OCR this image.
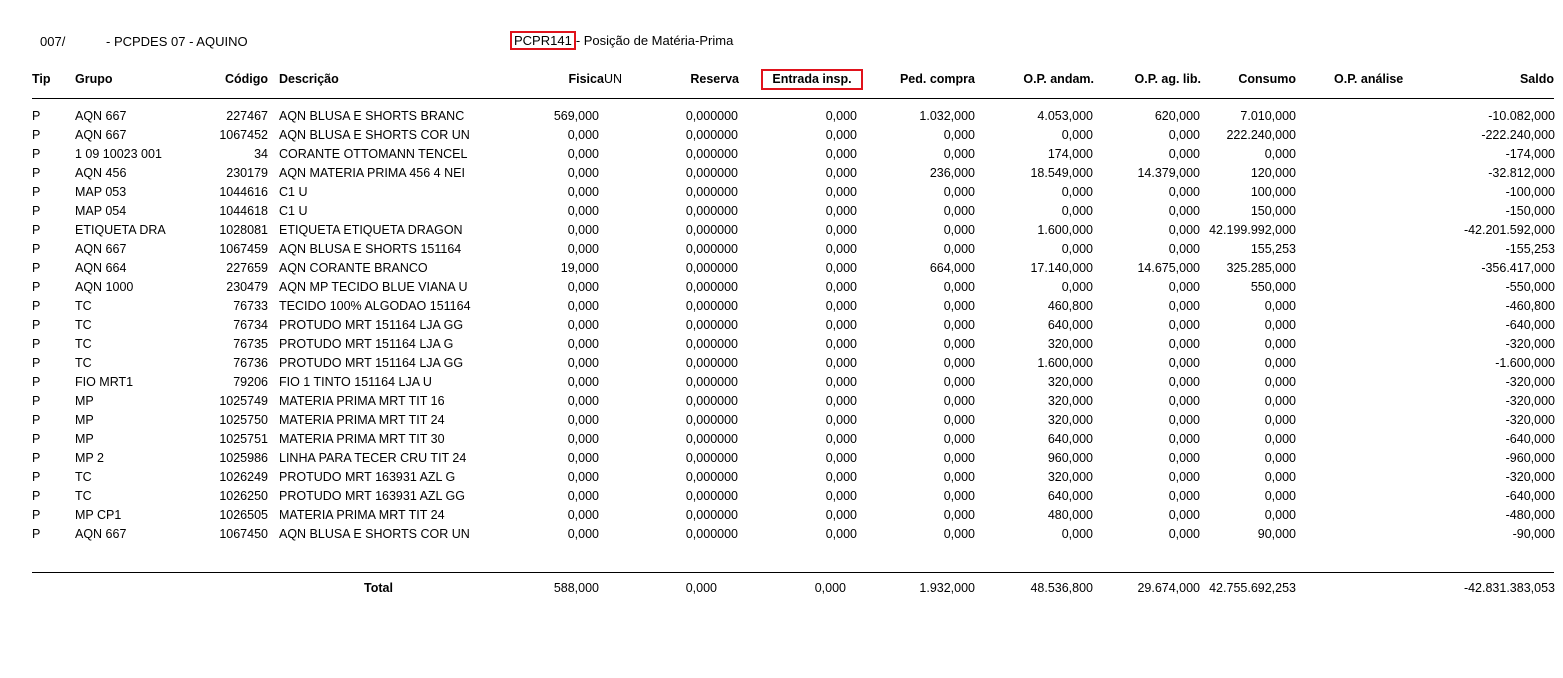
007/	- PCPDES 07 - AQUINO	PCPR141 - Posição de Matéria-Prima
Tip Grupo	Código Descrição	FisicaUN	Reserva	Entrada insp.	Ped. compra	O.P. andam.	O.P. ag. lib.	Consumo	O.P. análise	Saldo
P	AQN 667	227467 AQN BLUSA E SHORTS BRANC	569,000	0,000000	0,000	1.032,000	4.053,000	620,000	7.010,000	-10.082,000
P	AQN 667	1067452 AQN BLUSA E SHORTS COR UN	0,000	0,000000	0,000	0,000	0,000	0,000	222.240,000	-222.240,000
P	1 09 10023 001	34 CORANTE OTTOMANN TENCEL	0,000	0,000000	0,000	0,000	174,000	0,000	0,000	-174,000
P	AQN 456	230179 AQN MATERIA PRIMA 456 4 NEI	0,000	0,000000	0,000	236,000	18.549,000	14.379,000	120,000	-32.812,000
P	MAP 053	1044616 C1 U	0,000	0,000000	0,000	0,000	0,000	0,000	100,000	-100,000
P	MAP 054	1044618 C1 U	0,000	0,000000	0,000	0,000	0,000	0,000	150,000	-150,000
P	ETIQUETA DRA	1028081 ETIQUETA ETIQUETA DRAGON	0,000	0,000000	0,000	0,000	1.600,000	0,000 42.199.992,000	-42.201.592,000
P	AQN 667	1067459 AQN BLUSA E SHORTS 151164	0,000	0,000000	0,000	0,000	0,000	0,000	155,253	-155,253
P	AQN 664	227659 AQN CORANTE BRANCO	19,000	0,000000	0,000	664,000	17.140,000	14.675,000	325.285,000	-356.417,000
P	AQN 1000	230479 AQN MP TECIDO BLUE VIANA U	0,000	0,000000	0,000	0,000	0,000	0,000	550,000	-550,000
P	TC	76733 TECIDO 100% ALGODAO 151164	0,000	0,000000	0,000	0,000	460,800	0,000	0,000	-460,800
P	TC	76734 PROTUDO MRT 151164 LJA GG	0,000	0,000000	0,000	0,000	640,000	0,000	0,000	-640,000
P	TC	76735 PROTUDO MRT 151164 LJA G	0,000	0,000000	0,000	0,000	320,000	0,000	0,000	-320,000
P	TC	76736 PROTUDO MRT 151164 LJA GG	0,000	0,000000	0,000	0,000	1.600,000	0,000	0,000	-1.600,000
P	FIO MRT1	79206 FIO 1 TINTO 151164 LJA U	0,000	0,000000	0,000	0,000	320,000	0,000	0,000	-320,000
P	MP	1025749 MATERIA PRIMA MRT TIT 16	0,000	0,000000	0,000	0,000	320,000	0,000	0,000	-320,000
P	MP	1025750 MATERIA PRIMA MRT TIT 24	0,000	0,000000	0,000	0,000	320,000	0,000	0,000	-320,000
P	MP	1025751 MATERIA PRIMA MRT TIT 30	0,000	0,000000	0,000	0,000	640,000	0,000	0,000	-640,000
P	MP 2	1025986 LINHA PARA TECER CRU TIT 24	0,000	0,000000	0,000	0,000	960,000	0,000	0,000	-960,000
P	TC	1026249 PROTUDO MRT 163931 AZL G	0,000	0,000000	0,000	0,000	320,000	0,000	0,000	-320,000
P	TC	1026250 PROTUDO MRT 163931 AZL GG	0,000	0,000000	0,000	0,000	640,000	0,000	0,000	-640,000
P	MP CP1	1026505 MATERIA PRIMA MRT TIT 24	0,000	0,000000	0,000	0,000	480,000	0,000	0,000	-480,000
P	AQN 667	1067450 AQN BLUSA E SHORTS COR UN	0,000	0,000000	0,000	0,000	0,000	0,000	90,000	-90,000
Total	588,000	0,000	0,000	1.932,000	48.536,800	29.674,000 42.755.692,253	-42.831.383,053
